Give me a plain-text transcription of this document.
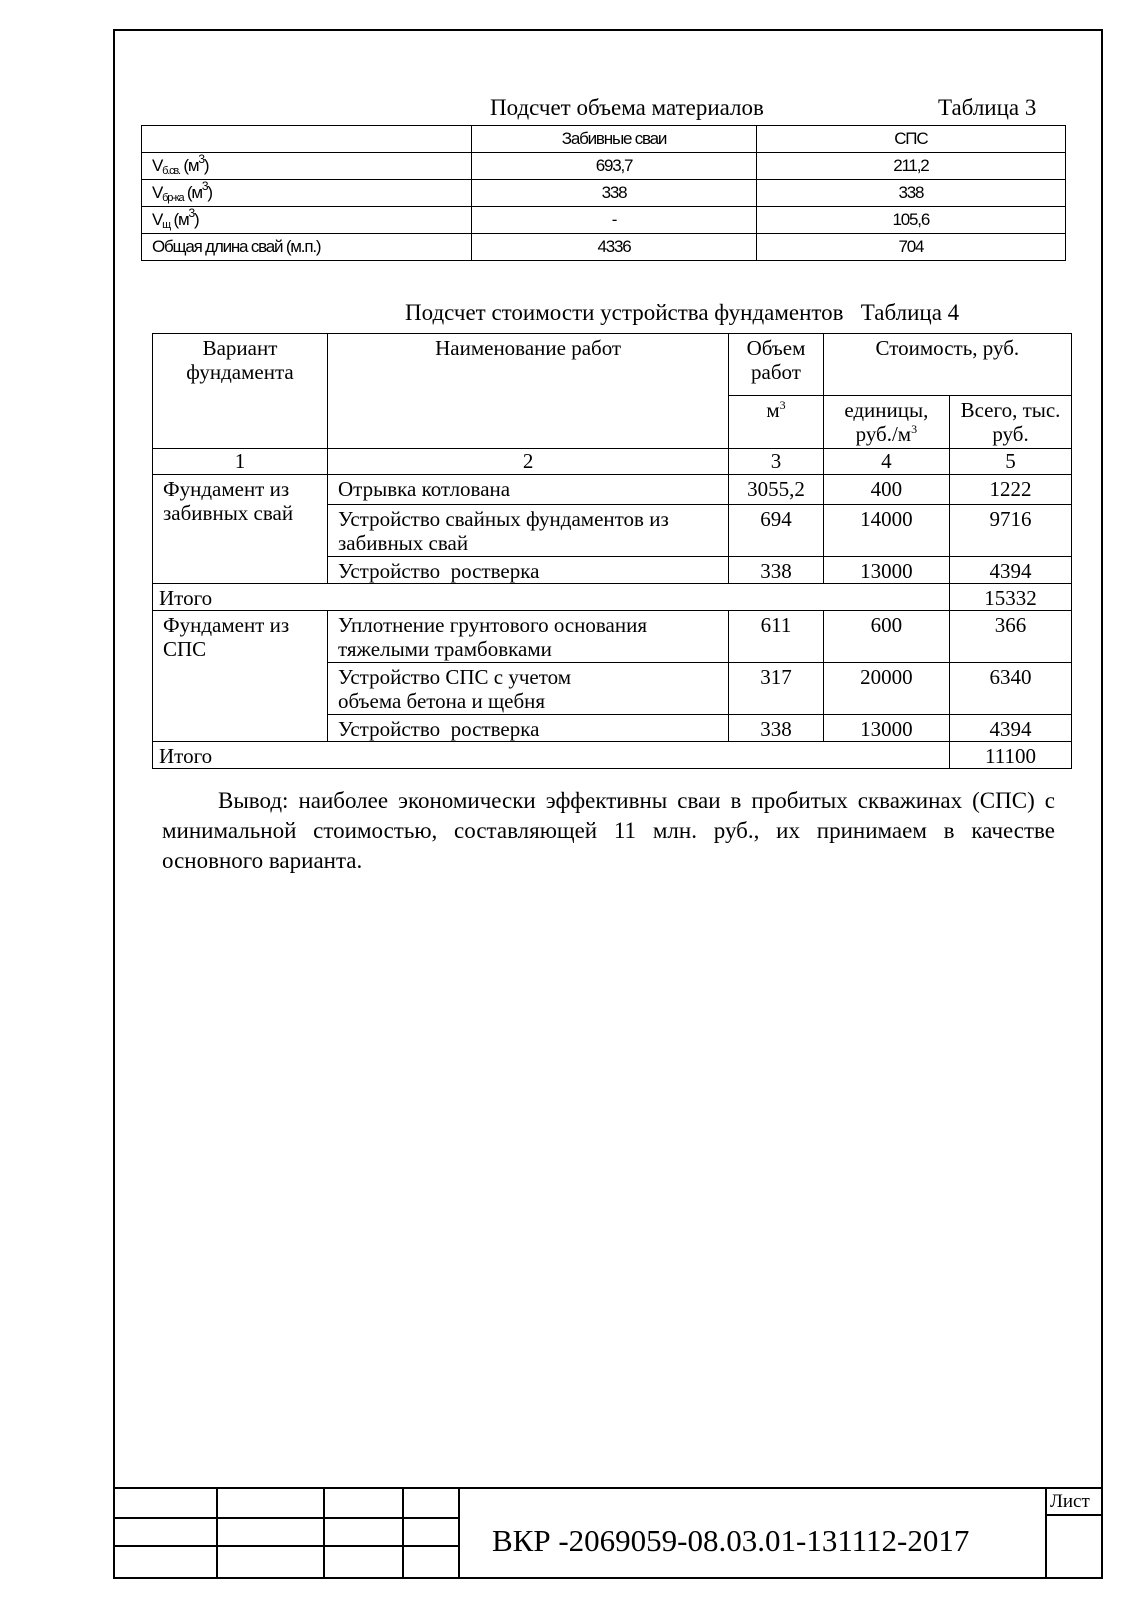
Подсчет объема материалов	Таблица 3
	Забивные сваи	СПС
$V_{б.св.}$ $(м^3)$	693,7	211,2
$V_{бр-ка}$ $(м^3)$	338	338
$V_щ$ $(м^3)$	-	105,6
Общая длина свай (м.п.)	4336	704
Подсчет стоимости устройства фундаментов Таблица 4
Вариант фундамента	Наименование работ	Объем работ	Стоимость, руб.	
		$м^3$	единицы, $руб./м^3$	Всего, тыс. руб.
1	2	3	4	5
Фундамент из забивных свай	Отрывка котлована	3055,2	400	1222
	Устройство свайных фундаментов из забивных свай	694	14000	9716
	Устройство  ростверка	338	13000	4394
Итого				15332
Фундамент из СПС	Уплотнение грунтового основания тяжелыми трамбовками	611	600	366
	Устройство СПС с учетом объема бетона и щебня	317	20000	6340
	Устройство  ростверка	338	13000	4394
Итого				11100
Вывод: наиболее экономически эффективны сваи в пробитых скважинах (СПС) с минимальной стоимостью, составляющей 11 млн. руб., их принимаем в качестве основного варианта.
ВКР -2069059-08.03.01-131112-2017
Лист
